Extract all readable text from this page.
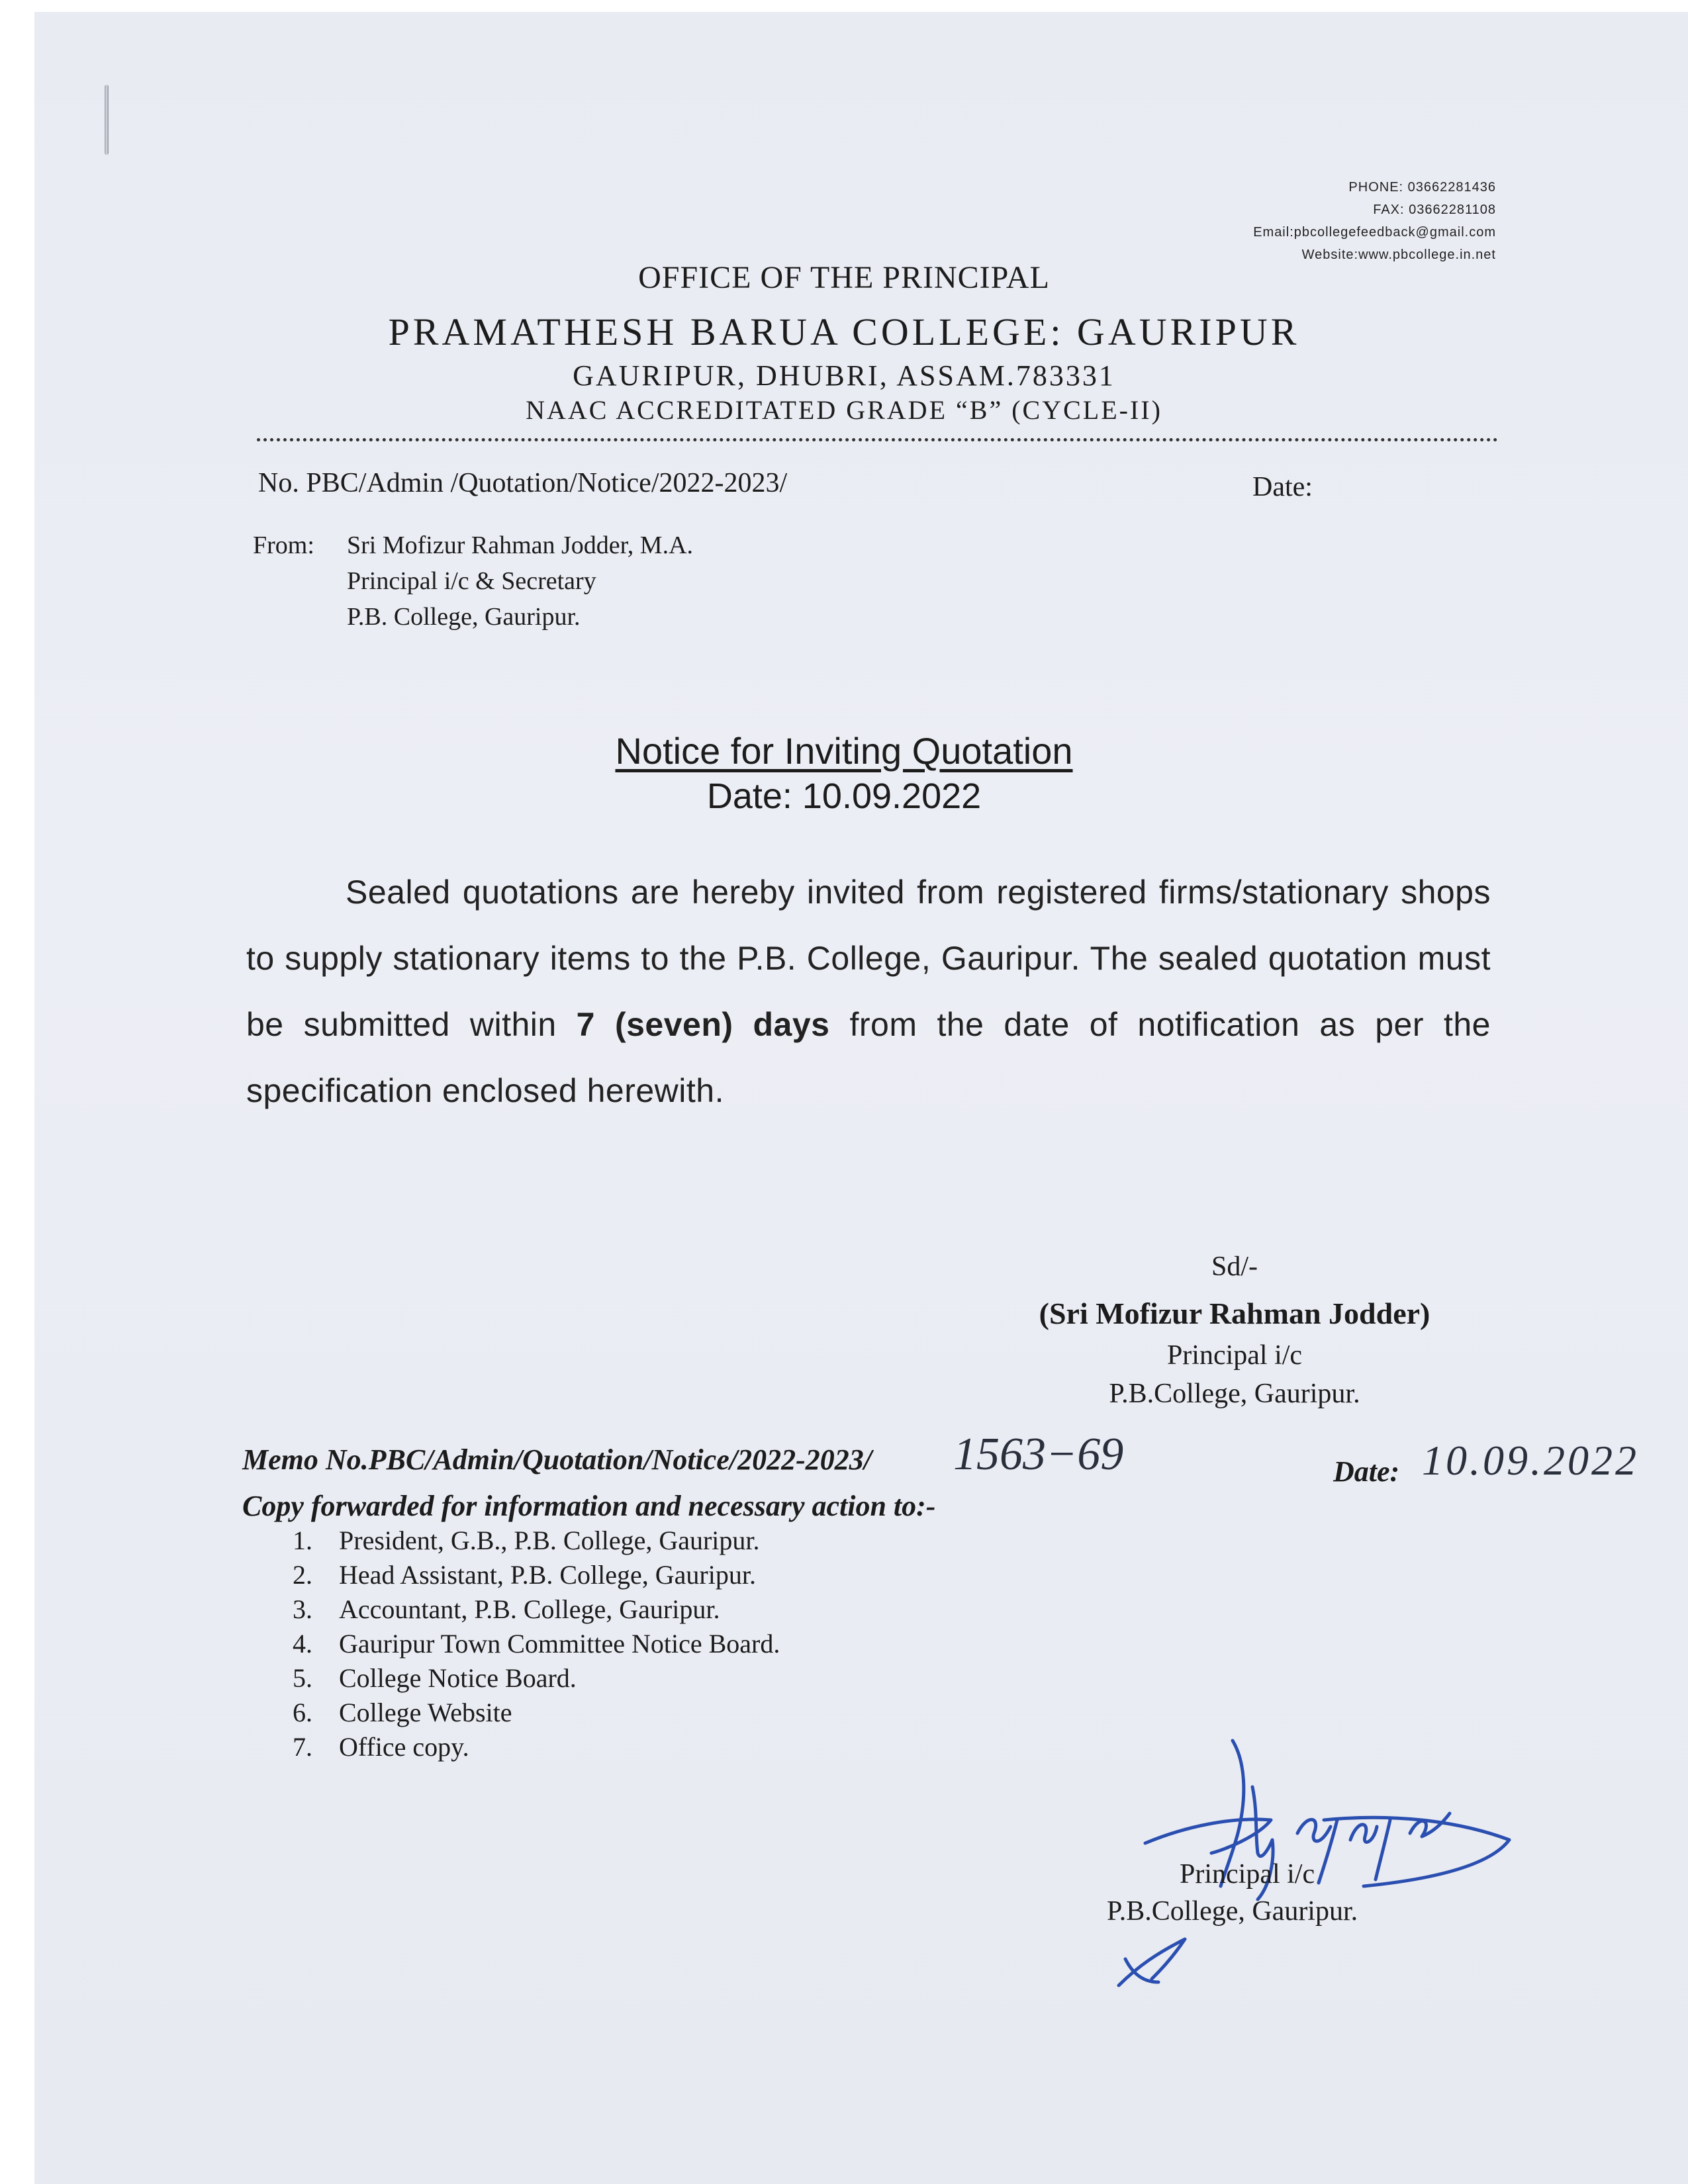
PHONE: 03662281436
FAX: 03662281108
Email:pbcollegefeedback@gmail.com
Website:www.pbcollege.in.net
OFFICE OF THE PRINCIPAL
PRAMATHESH BARUA COLLEGE: GAURIPUR
GAURIPUR, DHUBRI, ASSAM.783331
NAAC ACCREDITATED GRADE “B” (CYCLE-II)
No. PBC/Admin /Quotation/Notice/2022-2023/	Date:
From: Sri Mofizur Rahman Jodder, M.A.
Principal i/c & Secretary
P.B. College, Gauripur.
Notice for Inviting Quotation
Date: 10.09.2022
Sealed quotations are hereby invited from registered firms/stationary shops to supply stationary items to the P.B. College, Gauripur. The sealed quotation must be submitted within 7 (seven) days from the date of notification as per the specification enclosed herewith.
Sd/-
(Sri Mofizur Rahman Jodder)
Principal i/c
P.B.College, Gauripur.
Memo No.PBC/Admin/Quotation/Notice/2022-2023/ 1563−69	Date: 10.09.2022
Copy forwarded for information and necessary action to:-
1. President, G.B., P.B. College, Gauripur.
2. Head Assistant, P.B. College, Gauripur.
3. Accountant, P.B. College, Gauripur.
4. Gauripur Town Committee Notice Board.
5. College Notice Board.
6. College Website
7. Office copy.
Principal i/c
P.B.College, Gauripur.
